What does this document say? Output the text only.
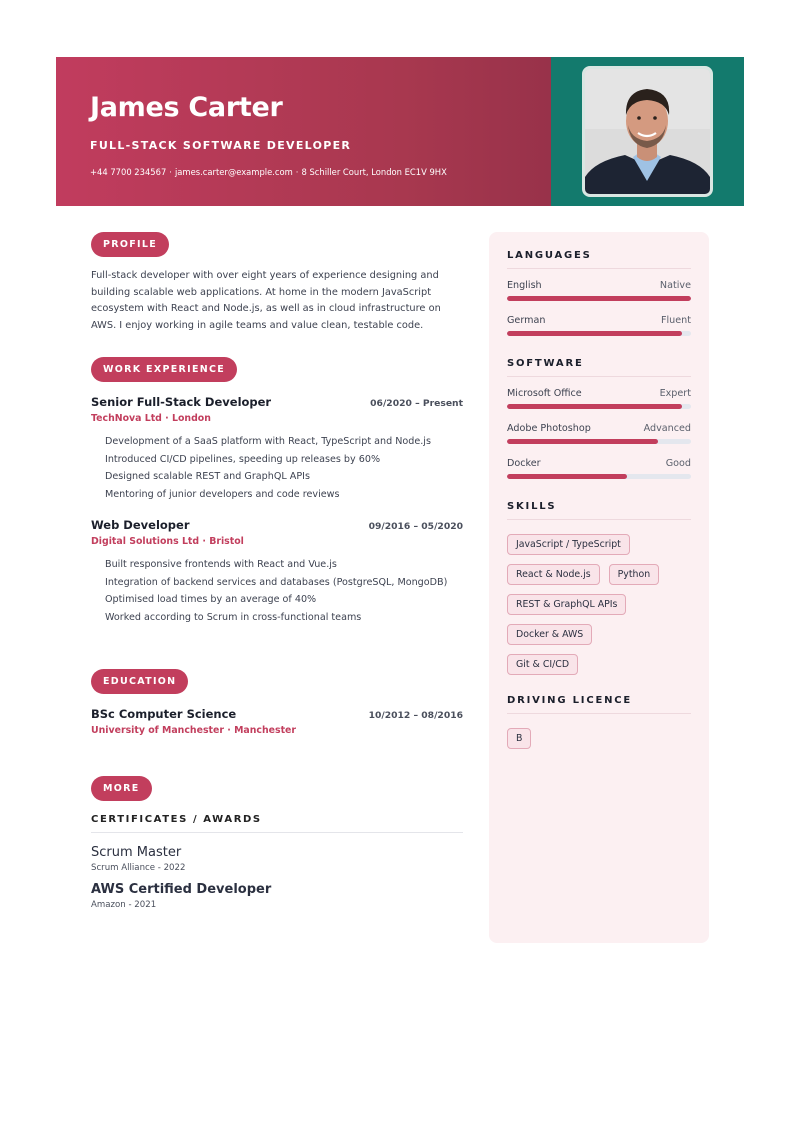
James Carter
FULL-STACK SOFTWARE DEVELOPER
+44 7700 234567 · james.carter@example.com · 8 Schiller Court, London EC1V 9HX
PROFILE
Full-stack developer with over eight years of experience designing and building scalable web applications. At home in the modern JavaScript ecosystem with React and Node.js, as well as in cloud infrastructure on AWS. I enjoy working in agile teams and value clean, testable code.
WORK EXPERIENCE
Senior Full-Stack Developer	06/2020 – Present
TechNova Ltd · London
Development of a SaaS platform with React, TypeScript and Node.js
Introduced CI/CD pipelines, speeding up releases by 60%
Designed scalable REST and GraphQL APIs
Mentoring of junior developers and code reviews
Web Developer	09/2016 – 05/2020
Digital Solutions Ltd · Bristol
Built responsive frontends with React and Vue.js
Integration of backend services and databases (PostgreSQL, MongoDB)
Optimised load times by an average of 40%
Worked according to Scrum in cross-functional teams
EDUCATION
BSc Computer Science	10/2012 – 08/2016
University of Manchester · Manchester
MORE
CERTIFICATES / AWARDS
Scrum Master
Scrum Alliance - 2022
AWS Certified Developer
Amazon - 2021
LANGUAGES
English	Native
German	Fluent
SOFTWARE
Microsoft Office	Expert
Adobe Photoshop	Advanced
Docker	Good
SKILLS
JavaScript / TypeScript
React & Node.js	Python
REST & GraphQL APIs
Docker & AWS
Git & CI/CD
DRIVING LICENCE
B
